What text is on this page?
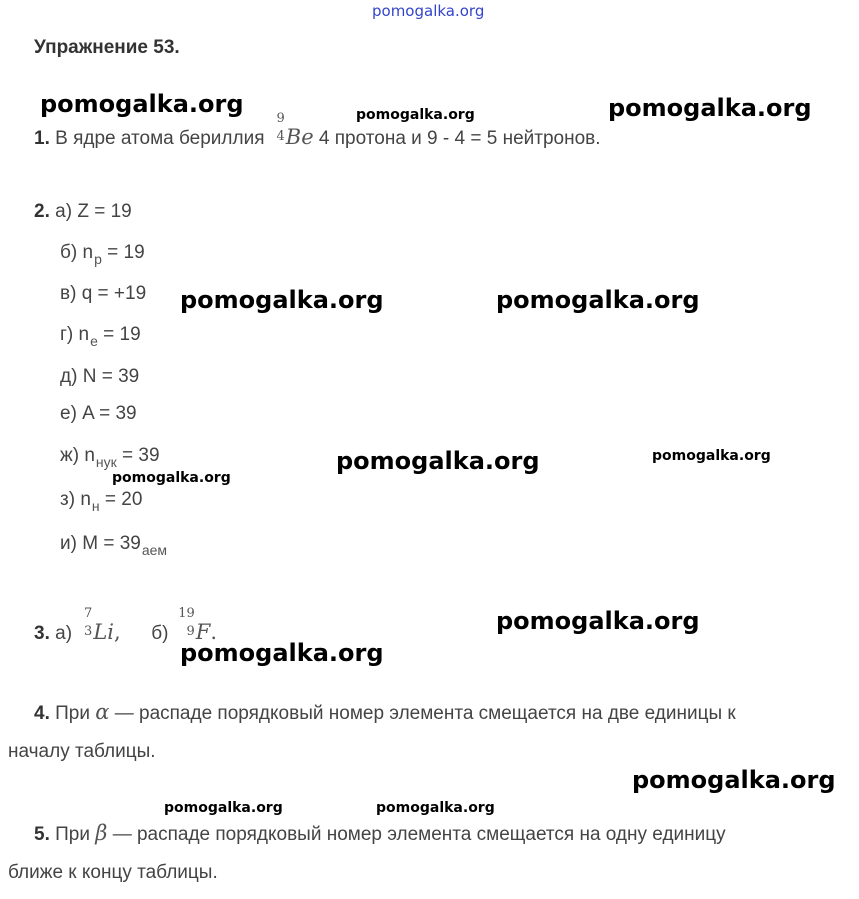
pomogalka.org
Упражнение 53.
pomogalka.org	pomogalka.org	pomogalka.org
pomogalka.org	pomogalka.org
pomogalka.org	pomogalka.org
pomogalka.org
pomogalka.org
pomogalka.org
pomogalka.org
pomogalka.org	pomogalka.org
1. В ядре атома бериллия
9
4 Be 4 протона и 9 - 4 = 5 нейтронов.
2. а) Z = 19
б) $n_p = 19$
в) q = +19
г) $n_e = 19$
д) N = 39
е) A = 39
ж) $n_{нук} = 39$
з) $n_н = 20$
и) $M = 39_{аем}$
3. а)
7
3 Li, б)
19
9 F.
4. При α — распаде порядковый номер элемента смещается на две единицы к
началу таблицы.
5. При β — распаде порядковый номер элемента смещается на одну единицу
ближе к концу таблицы.
